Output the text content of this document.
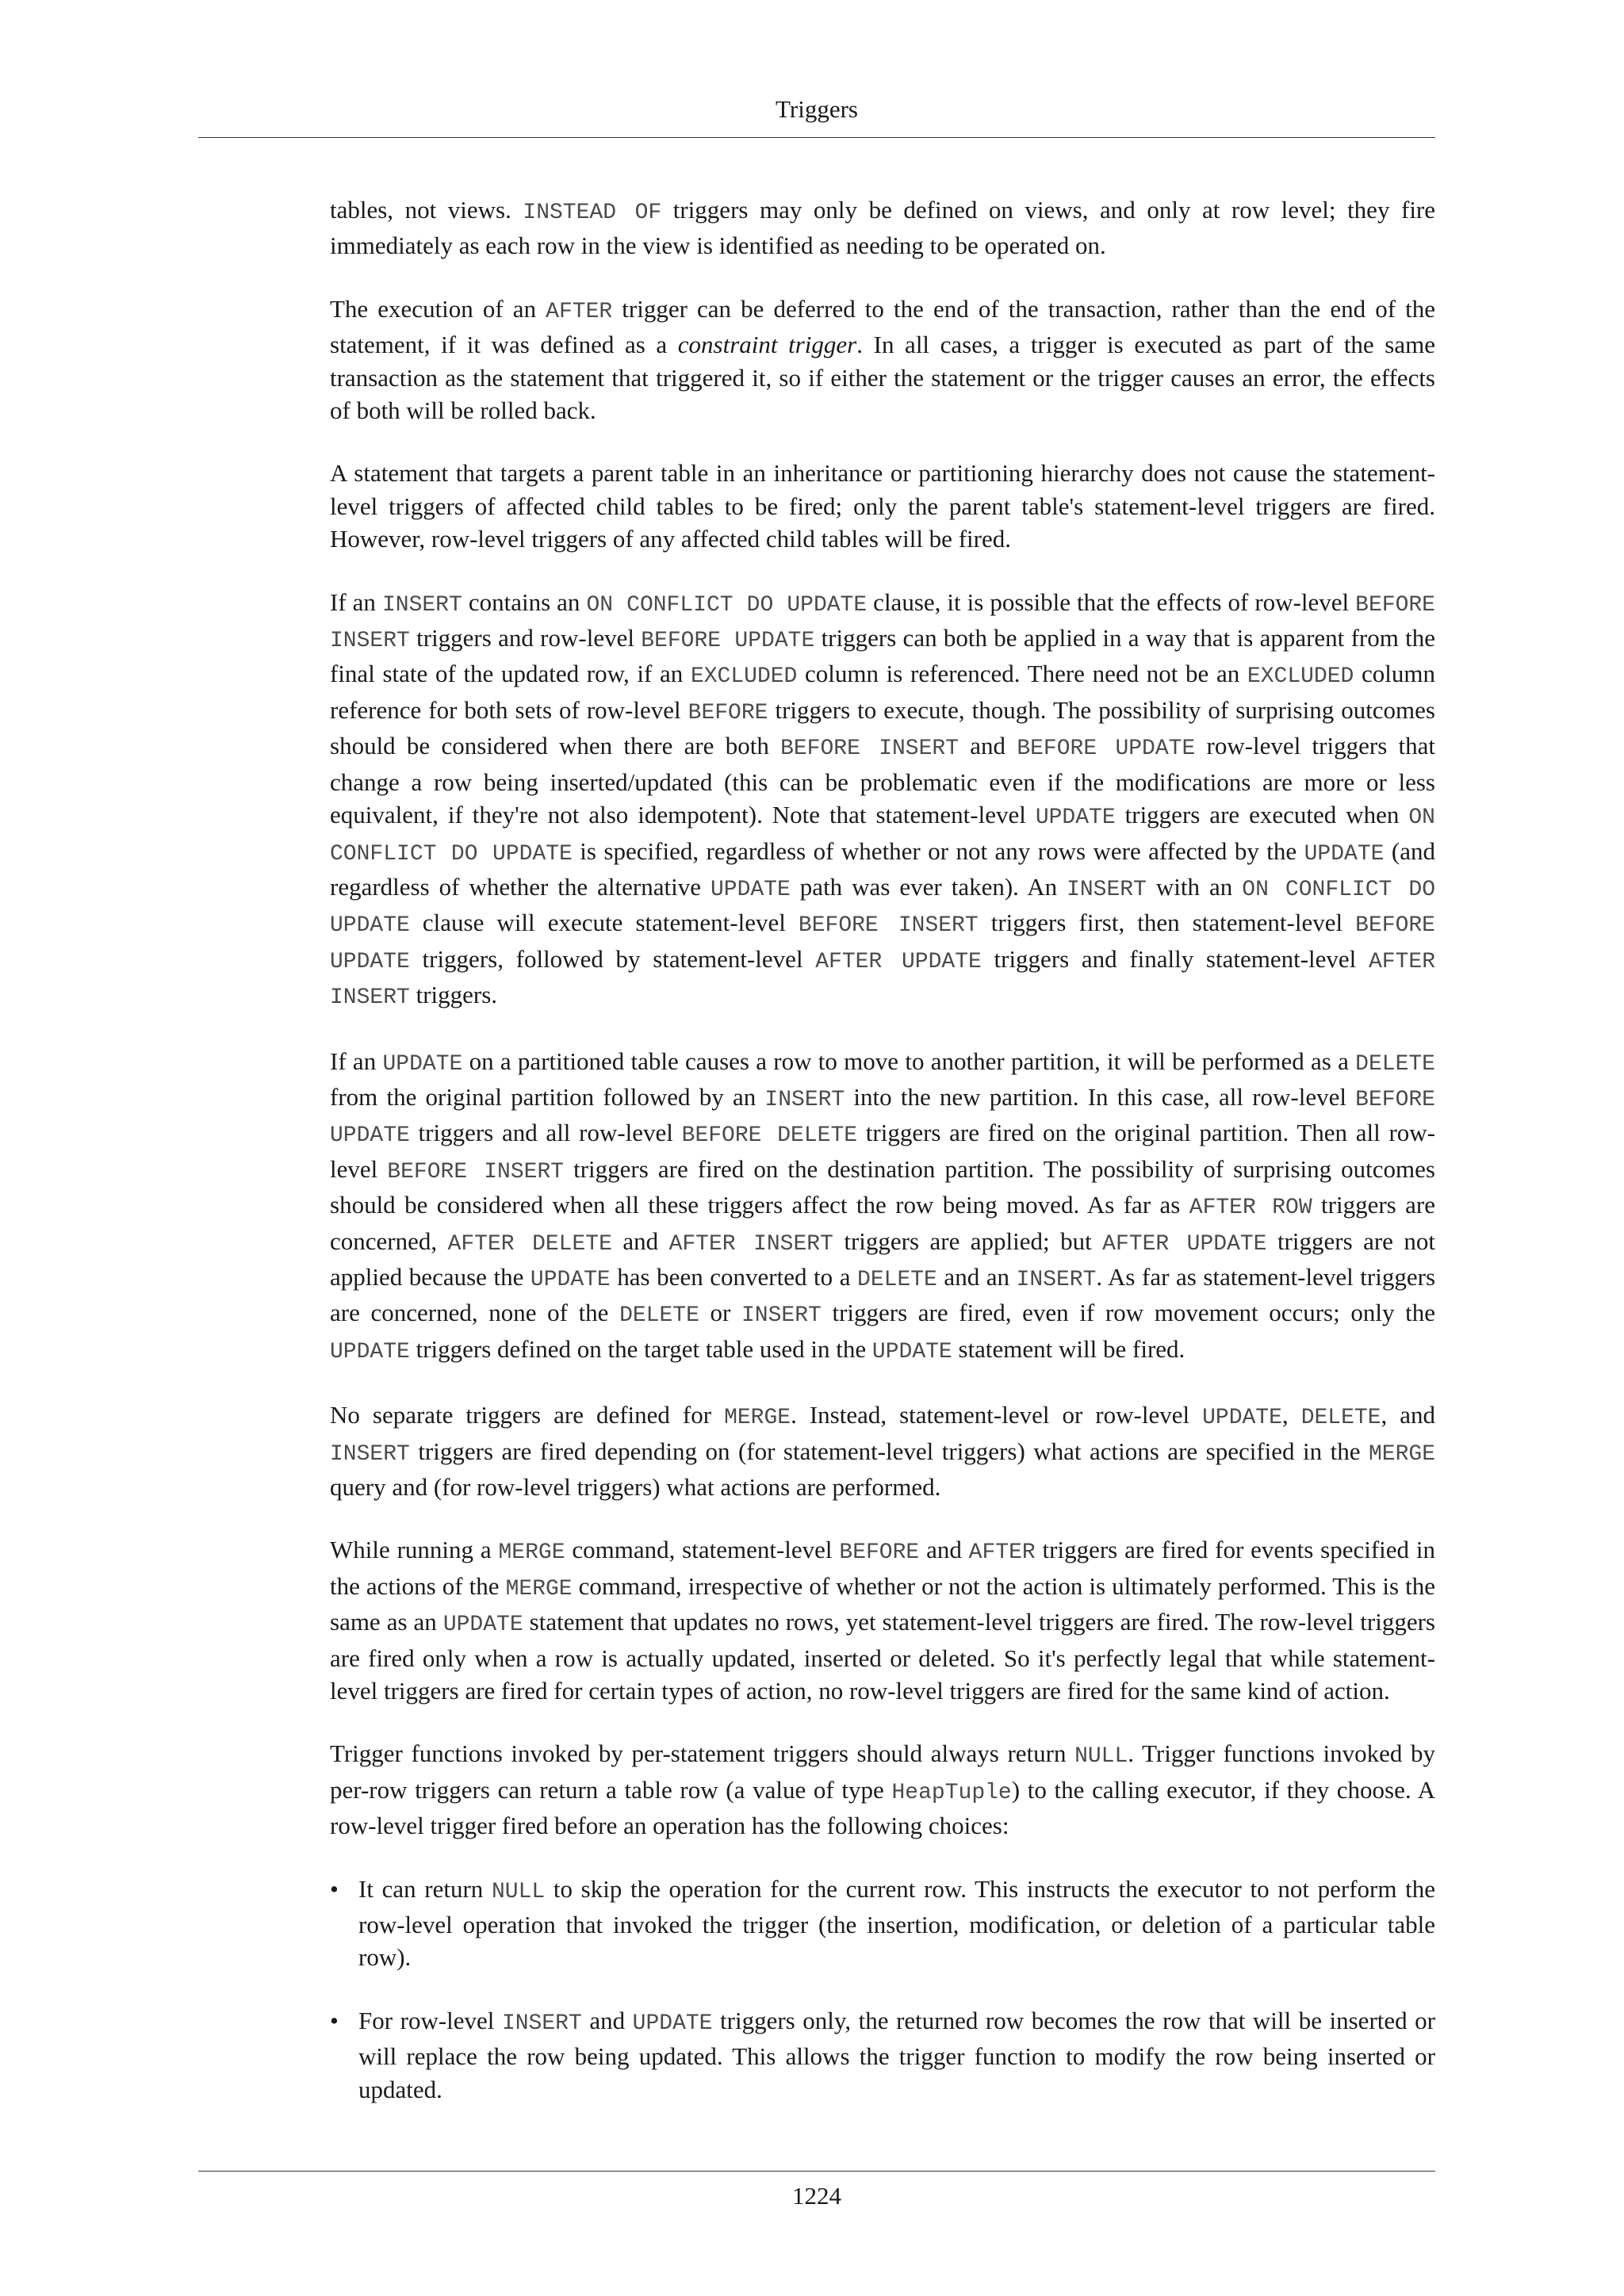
Triggers

tables, not views. INSTEAD OF triggers may only be defined on views, and only at row level; they fire immediately as each row in the view is identified as needing to be operated on.

The execution of an AFTER trigger can be deferred to the end of the transaction, rather than the end of the statement, if it was defined as a constraint trigger. In all cases, a trigger is executed as part of the same transaction as the statement that triggered it, so if either the statement or the trigger causes an error, the effects of both will be rolled back.

A statement that targets a parent table in an inheritance or partitioning hierarchy does not cause the statement-level triggers of affected child tables to be fired; only the parent table's statement-level triggers are fired. However, row-level triggers of any affected child tables will be fired.

If an INSERT contains an ON CONFLICT DO UPDATE clause, it is possible that the effects of row-level BEFORE INSERT triggers and row-level BEFORE UPDATE triggers can both be applied in a way that is apparent from the final state of the updated row, if an EXCLUDED column is referenced. There need not be an EXCLUDED column reference for both sets of row-level BEFORE triggers to execute, though. The possibility of surprising outcomes should be considered when there are both BEFORE INSERT and BEFORE UPDATE row-level triggers that change a row being inserted/updated (this can be problematic even if the modifications are more or less equivalent, if they're not also idempotent). Note that statement-level UPDATE triggers are executed when ON CONFLICT DO UPDATE is specified, regardless of whether or not any rows were affected by the UPDATE (and regardless of whether the alternative UPDATE path was ever taken). An INSERT with an ON CONFLICT DO UPDATE clause will execute statement-level BEFORE INSERT triggers first, then statement-level BEFORE UPDATE triggers, followed by statement-level AFTER UPDATE triggers and finally statement-level AFTER INSERT triggers.

If an UPDATE on a partitioned table causes a row to move to another partition, it will be performed as a DELETE from the original partition followed by an INSERT into the new partition. In this case, all row-level BEFORE UPDATE triggers and all row-level BEFORE DELETE triggers are fired on the original partition. Then all row-level BEFORE INSERT triggers are fired on the destination partition. The possibility of surprising outcomes should be considered when all these triggers affect the row being moved. As far as AFTER ROW triggers are concerned, AFTER DELETE and AFTER INSERT triggers are applied; but AFTER UPDATE triggers are not applied because the UPDATE has been converted to a DELETE and an INSERT. As far as statement-level triggers are concerned, none of the DELETE or INSERT triggers are fired, even if row movement occurs; only the UPDATE triggers defined on the target table used in the UPDATE statement will be fired.

No separate triggers are defined for MERGE. Instead, statement-level or row-level UPDATE, DELETE, and INSERT triggers are fired depending on (for statement-level triggers) what actions are specified in the MERGE query and (for row-level triggers) what actions are performed.

While running a MERGE command, statement-level BEFORE and AFTER triggers are fired for events specified in the actions of the MERGE command, irrespective of whether or not the action is ultimately performed. This is the same as an UPDATE statement that updates no rows, yet statement-level triggers are fired. The row-level triggers are fired only when a row is actually updated, inserted or deleted. So it's perfectly legal that while statement-level triggers are fired for certain types of action, no row-level triggers are fired for the same kind of action.

Trigger functions invoked by per-statement triggers should always return NULL. Trigger functions invoked by per-row triggers can return a table row (a value of type HeapTuple) to the calling executor, if they choose. A row-level trigger fired before an operation has the following choices:

• It can return NULL to skip the operation for the current row. This instructs the executor to not perform the row-level operation that invoked the trigger (the insertion, modification, or deletion of a particular table row).
• For row-level INSERT and UPDATE triggers only, the returned row becomes the row that will be inserted or will replace the row being updated. This allows the trigger function to modify the row being inserted or updated.
1224
